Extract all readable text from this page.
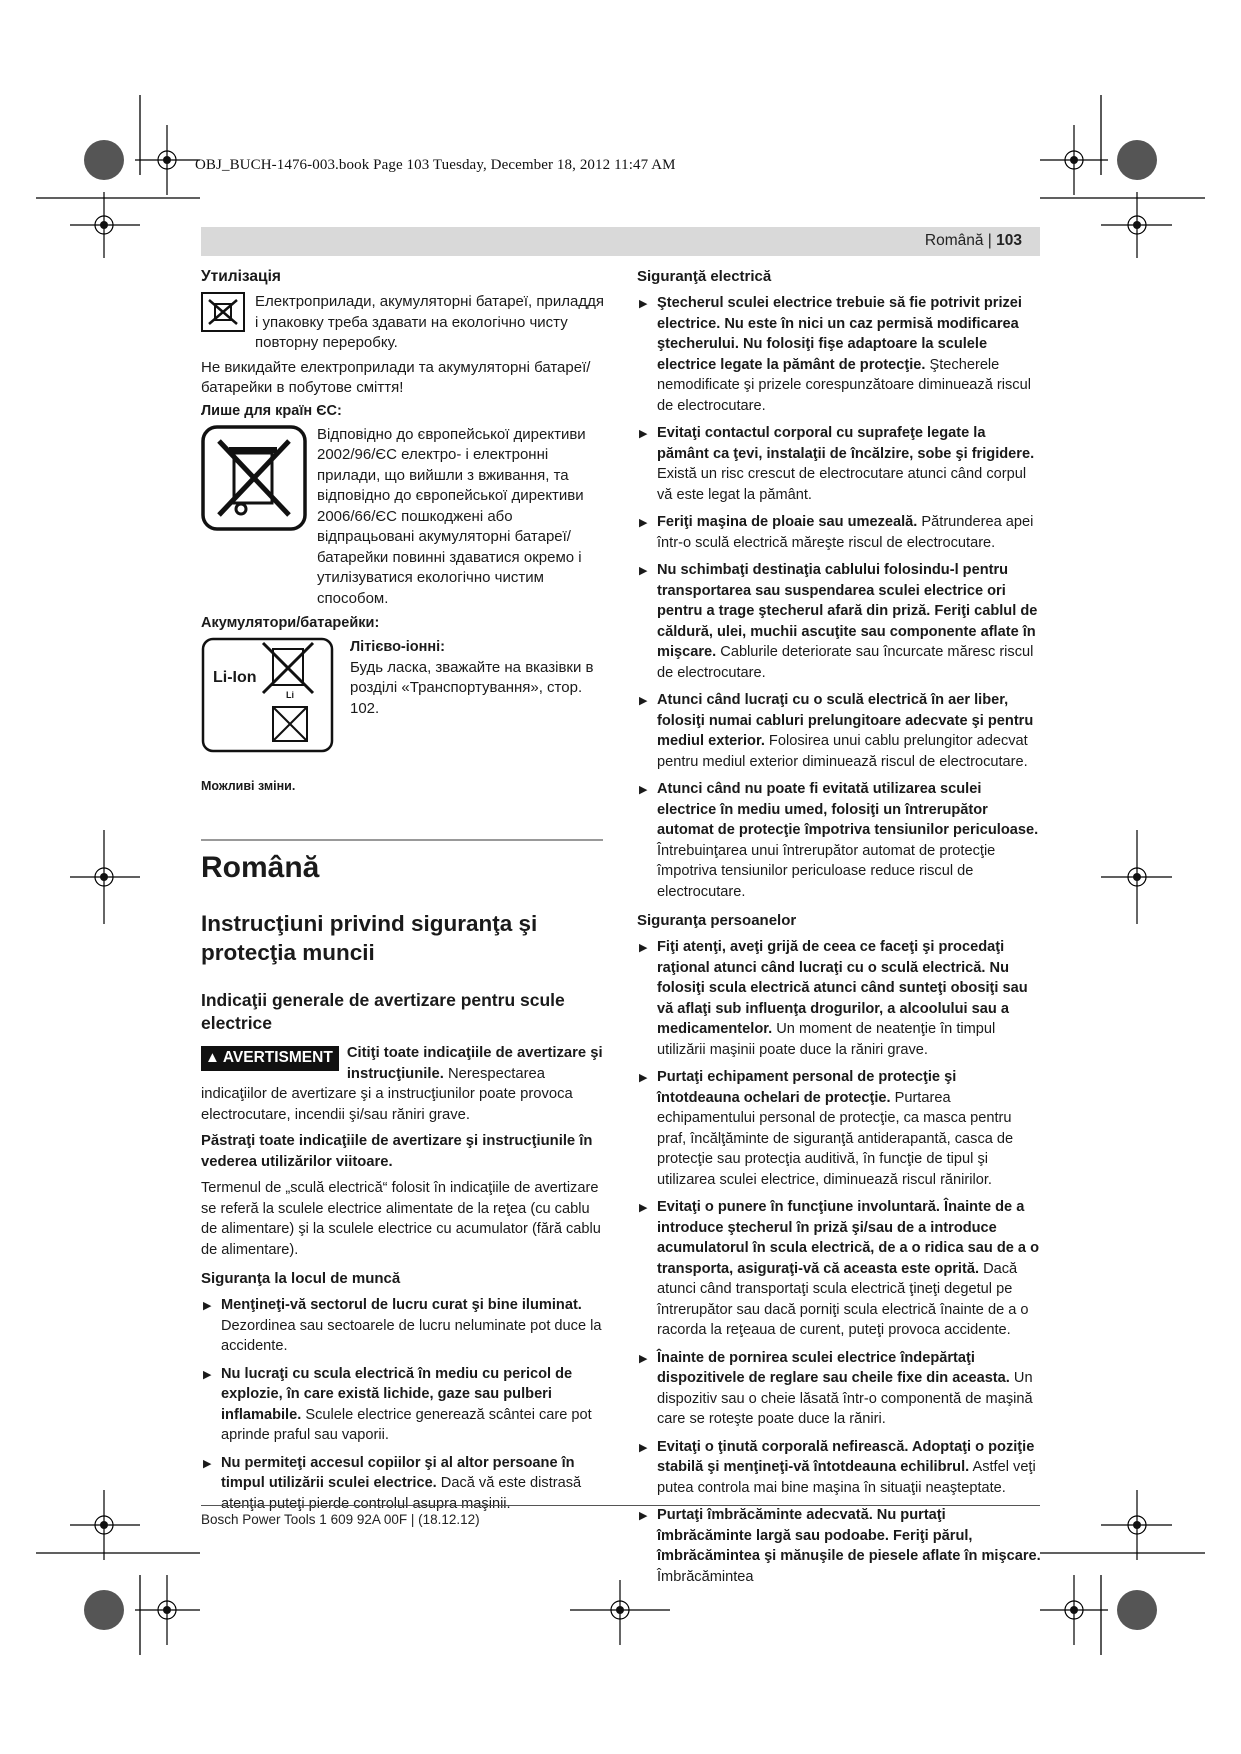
OBJ_BUCH-1476-003.book Page 103 Tuesday, December 18, 2012 11:47 AM
Română | 103
Утилізація

Електроприлади, акумуляторні батареї, приладдя і упаковку треба здавати на екологічно чисту повторну переробку.

Не викидайте електроприлади та акумуляторні батареї/батарейки в побутове сміття!

Лише для країн ЄС:

Відповідно до європейської директиви 2002/96/ЄС електро- і електронні прилади, що вийшли з вживання, та відповідно до європейської директиви 2006/66/ЄС пошкоджені або відпрацьовані акумуляторні батареї/батарейки повинні здаватися окремо і утилізуватися екологічно чистим способом.

Акумулятори/батарейки:
Li-Ion
Li
Літієво-іонні:

Будь ласка, зважайте на вказівки в розділі «Транспортування», стор. 102.

Можливі зміни.
Română
Instrucţiuni privind siguranţa şi protecţia muncii
Indicaţii generale de avertizare pentru scule electrice
▲ AVERTISMENT Citiţi toate indicaţiile de avertizare şi instrucţiunile. Nerespectarea indicaţiilor de avertizare şi a instrucţiunilor poate provoca electrocutare, incendii şi/sau răniri grave.
Păstraţi toate indicaţiile de avertizare şi instrucţiunile în vederea utilizărilor viitoare.

Termenul de „sculă electrică“ folosit în indicaţiile de avertizare se referă la sculele electrice alimentate de la reţea (cu cablu de alimentare) şi la sculele electrice cu acumulator (fără cablu de alimentare).

Siguranţa la locul de muncă
▶ Menţineţi-vă sectorul de lucru curat şi bine iluminat. Dezordinea sau sectoarele de lucru neluminate pot duce la accidente.
▶ Nu lucraţi cu scula electrică în mediu cu pericol de explozie, în care există lichide, gaze sau pulberi inflamabile. Sculele electrice generează scântei care pot aprinde praful sau vaporii.
▶ Nu permiteţi accesul copiilor şi al altor persoane în timpul utilizării sculei electrice. Dacă vă este distrasă atenţia puteţi pierde controlul asupra maşinii.
Siguranţă electrică
▶ Ştecherul sculei electrice trebuie să fie potrivit prizei electrice. Nu este în nici un caz permisă modificarea ştecherului. Nu folosiţi fişe adaptoare la sculele electrice legate la pământ de protecţie. Ştecherele nemodificate şi prizele corespunzătoare diminuează riscul de electrocutare.
▶ Evitaţi contactul corporal cu suprafeţe legate la pământ ca ţevi, instalaţii de încălzire, sobe şi frigidere. Există un risc crescut de electrocutare atunci când corpul vă este legat la pământ.
▶ Feriţi maşina de ploaie sau umezeală. Pătrunderea apei într-o sculă electrică măreşte riscul de electrocutare.
▶ Nu schimbaţi destinaţia cablului folosindu-l pentru transportarea sau suspendarea sculei electrice ori pentru a trage ştecherul afară din priză. Feriţi cablul de căldură, ulei, muchii ascuţite sau componente aflate în mişcare. Cablurile deteriorate sau încurcate măresc riscul de electrocutare.
▶ Atunci când lucraţi cu o sculă electrică în aer liber, folosiţi numai cabluri prelungitoare adecvate şi pentru mediul exterior. Folosirea unui cablu prelungitor adecvat pentru mediul exterior diminuează riscul de electrocutare.
▶ Atunci când nu poate fi evitată utilizarea sculei electrice în mediu umed, folosiţi un întrerupător automat de protecţie împotriva tensiunilor periculoase. Întrebuinţarea unui întrerupător automat de protecţie împotriva tensiunilor periculoase reduce riscul de electrocutare.
Siguranţa persoanelor
▶ Fiţi atenţi, aveţi grijă de ceea ce faceţi şi procedaţi raţional atunci când lucraţi cu o sculă electrică. Nu folosiţi scula electrică atunci când sunteţi obosiţi sau vă aflaţi sub influenţa drogurilor, a alcoolului sau a medicamentelor. Un moment de neatenţie în timpul utilizării maşinii poate duce la răniri grave.
▶ Purtaţi echipament personal de protecţie şi întotdeauna ochelari de protecţie. Purtarea echipamentului personal de protecţie, ca masca pentru praf, încălţăminte de siguranţă antiderapantă, casca de protecţie sau protecţia auditivă, în funcţie de tipul şi utilizarea sculei electrice, diminuează riscul rănirilor.
▶ Evitaţi o punere în funcţiune involuntară. Înainte de a introduce ştecherul în priză şi/sau de a introduce acumulatorul în scula electrică, de a o ridica sau de a o transporta, asiguraţi-vă că aceasta este oprită. Dacă atunci când transportaţi scula electrică ţineţi degetul pe întrerupător sau dacă porniţi scula electrică înainte de a o racorda la reţeaua de curent, puteţi provoca accidente.
▶ Înainte de pornirea sculei electrice îndepărtaţi dispozitivele de reglare sau cheile fixe din aceasta. Un dispozitiv sau o cheie lăsată într-o componentă de maşină care se roteşte poate duce la răniri.
▶ Evitaţi o ţinută corporală nefirească. Adoptaţi o poziţie stabilă şi menţineţi-vă întotdeauna echilibrul. Astfel veţi putea controla mai bine maşina în situaţii neaşteptate.
▶ Purtaţi îmbrăcăminte adecvată. Nu purtaţi îmbrăcăminte largă sau podoabe. Feriţi părul, îmbrăcămintea şi mănuşile de piesele aflate în mişcare. Îmbrăcămintea
Bosch Power Tools 1 609 92A 00F | (18.12.12)
